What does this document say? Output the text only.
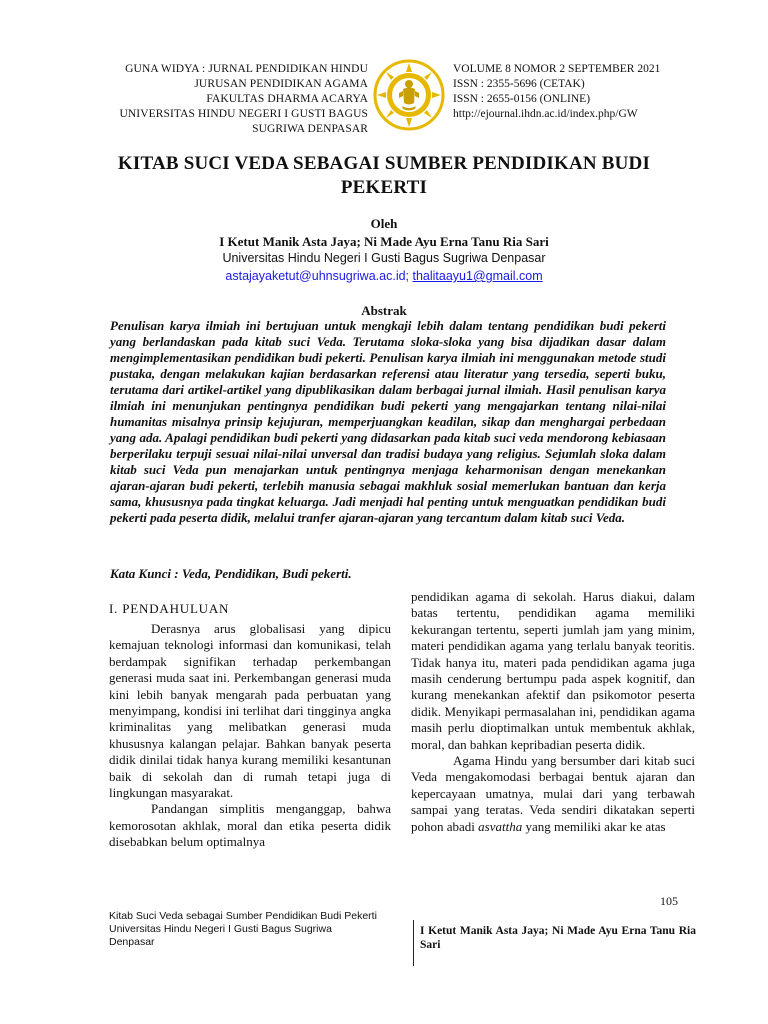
GUNA WIDYA : JURNAL PENDIDIKAN HINDU
JURUSAN PENDIDIKAN AGAMA
FAKULTAS DHARMA ACARYA
UNIVERSITAS HINDU NEGERI I GUSTI BAGUS
SUGRIWA DENPASAR
VOLUME 8 NOMOR 2 SEPTEMBER 2021
ISSN : 2355-5696 (CETAK)
ISSN : 2655-0156 (ONLINE)
http://ejournal.ihdn.ac.id/index.php/GW
KITAB SUCI VEDA SEBAGAI SUMBER PENDIDIKAN BUDI PEKERTI
Oleh
I Ketut Manik Asta Jaya; Ni Made Ayu Erna Tanu Ria Sari
Universitas Hindu Negeri I Gusti Bagus Sugriwa Denpasar
astajayaketut@uhnsugriwa.ac.id; thalitaayu1@gmail.com
Abstrak
Penulisan karya ilmiah ini bertujuan untuk mengkaji lebih dalam tentang pendidikan budi pekerti yang berlandaskan pada kitab suci Veda. Terutama sloka-sloka yang bisa dijadikan dasar dalam mengimplementasikan pendidikan budi pekerti. Penulisan karya ilmiah ini menggunakan metode studi pustaka, dengan melakukan kajian berdasarkan referensi atau literatur yang tersedia, seperti buku, terutama dari artikel-artikel yang dipublikasikan dalam berbagai jurnal ilmiah. Hasil penulisan karya ilmiah ini menunjukan pentingnya pendidikan budi pekerti yang mengajarkan tentang nilai-nilai humanitas misalnya prinsip kejujuran, memperjuangkan keadilan, sikap dan menghargai perbedaan yang ada. Apalagi pendidikan budi pekerti yang didasarkan pada kitab suci veda mendorong kebiasaan berperilaku terpuji sesuai nilai-nilai unversal dan tradisi budaya yang religius. Sejumlah sloka dalam kitab suci Veda pun menajarkan untuk pentingnya menjaga keharmonisan dengan menekankan ajaran-ajaran budi pekerti, terlebih manusia sebagai makhluk sosial memerlukan bantuan dan kerja sama, khususnya pada tingkat keluarga. Jadi menjadi hal penting untuk menguatkan pendidikan budi pekerti pada peserta didik, melalui tranfer ajaran-ajaran yang tercantum dalam kitab suci Veda.
Kata Kunci : Veda, Pendidikan, Budi pekerti.
I. PENDAHULUAN

Derasnya arus globalisasi yang dipicu kemajuan teknologi informasi dan komunikasi, telah berdampak signifikan terhadap perkembangan generasi muda saat ini. Perkembangan generasi muda kini lebih banyak mengarah pada perbuatan yang menyimpang, kondisi ini terlihat dari tingginya angka kriminalitas yang melibatkan generasi muda khususnya kalangan pelajar. Bahkan banyak peserta didik dinilai tidak hanya kurang memiliki kesantunan baik di sekolah dan di rumah tetapi juga di lingkungan masyarakat.

Pandangan simplitis menganggap, bahwa kemorosotan akhlak, moral dan etika peserta didik disebabkan belum optimalnya

pendidikan agama di sekolah. Harus diakui, dalam batas tertentu, pendidikan agama memiliki kekurangan tertentu, seperti jumlah jam yang minim, materi pendidikan agama yang terlalu banyak teoritis. Tidak hanya itu, materi pada pendidikan agama juga masih cenderung bertumpu pada aspek kognitif, dan kurang menekankan afektif dan psikomotor peserta didik. Menyikapi permasalahan ini, pendidikan agama masih perlu dioptimalkan untuk membentuk akhlak, moral, dan bahkan kepribadian peserta didik.

Agama Hindu yang bersumber dari kitab suci Veda mengakomodasi berbagai bentuk ajaran dan kepercayaan umatnya, mulai dari yang terbawah sampai yang teratas. Veda sendiri dikatakan seperti pohon abadi asvattha yang memiliki akar ke atas

105
Kitab Suci Veda sebagai Sumber Pendidikan Budi Pekerti
Universitas Hindu Negeri I Gusti Bagus Sugriwa
Denpasar
I Ketut Manik Asta Jaya; Ni Made Ayu Erna Tanu Ria Sari
